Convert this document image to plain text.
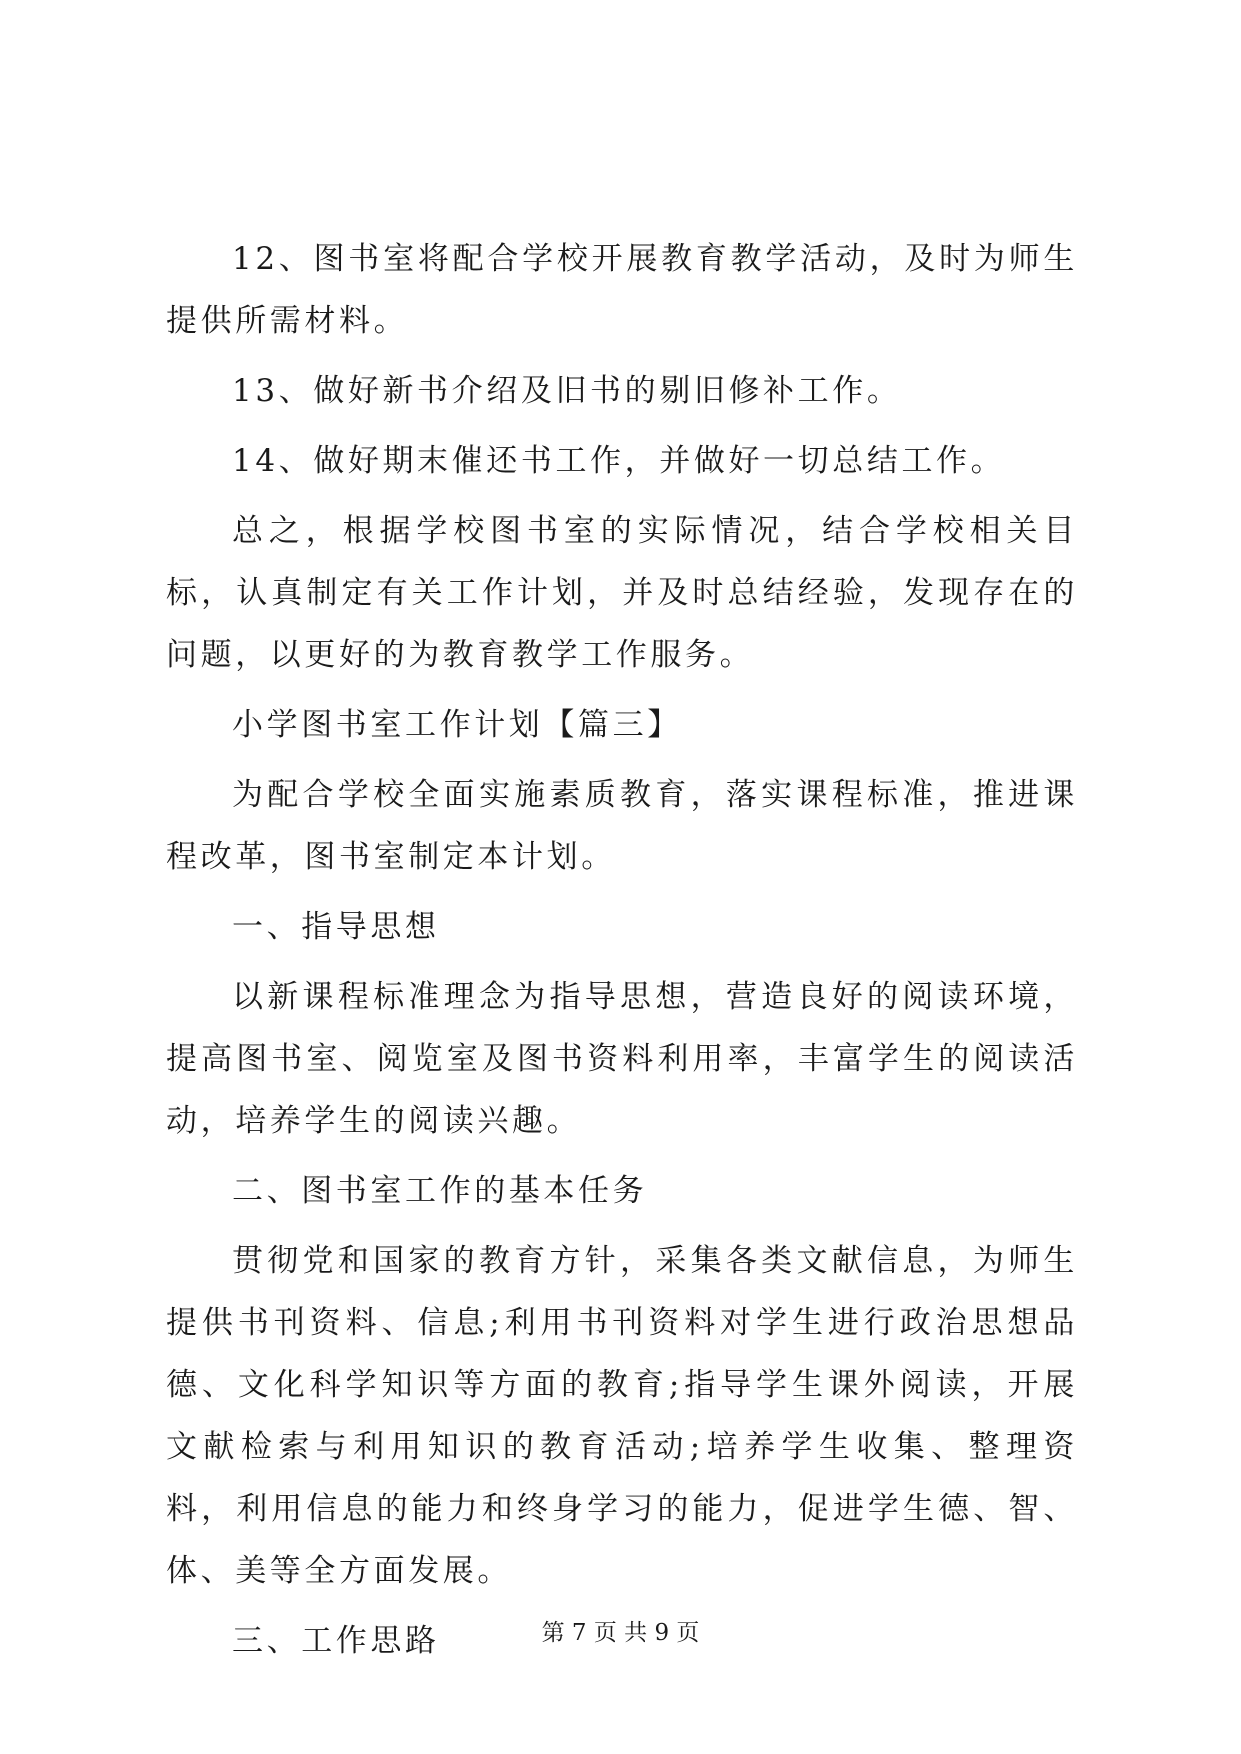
12、图书室将配合学校开展教育教学活动，及时为师生提供所需材料。

13、做好新书介绍及旧书的剔旧修补工作。

14、做好期末催还书工作，并做好一切总结工作。

总之，根据学校图书室的实际情况，结合学校相关目标，认真制定有关工作计划，并及时总结经验，发现存在的问题，以更好的为教育教学工作服务。

小学图书室工作计划【篇三】

为配合学校全面实施素质教育，落实课程标准，推进课程改革，图书室制定本计划。

一、指导思想

以新课程标准理念为指导思想，营造良好的阅读环境，提高图书室、阅览室及图书资料利用率，丰富学生的阅读活动，培养学生的阅读兴趣。

二、图书室工作的基本任务

贯彻党和国家的教育方针，采集各类文献信息，为师生提供书刊资料、信息;利用书刊资料对学生进行政治思想品德、文化科学知识等方面的教育;指导学生课外阅读，开展文献检索与利用知识的教育活动;培养学生收集、整理资料，利用信息的能力和终身学习的能力，促进学生德、智、体、美等全方面发展。

三、工作思路	第 7 页 共 9 页
